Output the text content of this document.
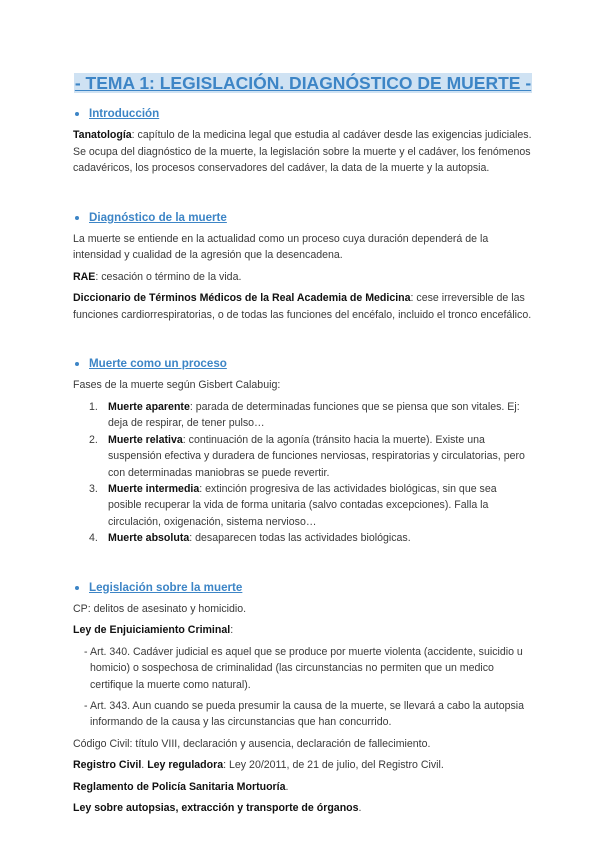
- TEMA 1: LEGISLACIÓN. DIAGNÓSTICO DE MUERTE -
Introducción

Tanatología: capítulo de la medicina legal que estudia al cadáver desde las exigencias judiciales. Se ocupa del diagnóstico de la muerte, la legislación sobre la muerte y el cadáver, los fenómenos cadavéricos, los procesos conservadores del cadáver, la data de la muerte y la autopsia.

Diagnóstico de la muerte

La muerte se entiende en la actualidad como un proceso cuya duración dependerá de la intensidad y cualidad de la agresión que la desencadena.

RAE: cesación o término de la vida.

Diccionario de Términos Médicos de la Real Academia de Medicina: cese irreversible de las funciones cardiorrespiratorias, o de todas las funciones del encéfalo, incluido el tronco encefálico.

Muerte como un proceso

Fases de la muerte según Gisbert Calabuig:

1. Muerte aparente: parada de determinadas funciones que se piensa que son vitales. Ej: deja de respirar, de tener pulso…
2. Muerte relativa: continuación de la agonía (tránsito hacia la muerte). Existe una suspensión efectiva y duradera de funciones nerviosas, respiratorias y circulatorias, pero con determinadas maniobras se puede revertir.
3. Muerte intermedia: extinción progresiva de las actividades biológicas, sin que sea posible recuperar la vida de forma unitaria (salvo contadas excepciones). Falla la circulación, oxigenación, sistema nervioso…
4. Muerte absoluta: desaparecen todas las actividades biológicas.
Legislación sobre la muerte

CP: delitos de asesinato y homicidio.

Ley de Enjuiciamiento Criminal:

- Art. 340. Cadáver judicial es aquel que se produce por muerte violenta (accidente, suicidio u homicio) o sospechosa de criminalidad (las circunstancias no permiten que un medico certifique la muerte como natural).
- Art. 343. Aun cuando se pueda presumir la causa de la muerte, se llevará a cabo la autopsia informando de la causa y las circunstancias que han concurrido.

Código Civil: título VIII, declaración y ausencia, declaración de fallecimiento.

Registro Civil. Ley reguladora: Ley 20/2011, de 21 de julio, del Registro Civil.

Reglamento de Policía Sanitaria Mortuoría.

Ley sobre autopsias, extracción y transporte de órganos.
